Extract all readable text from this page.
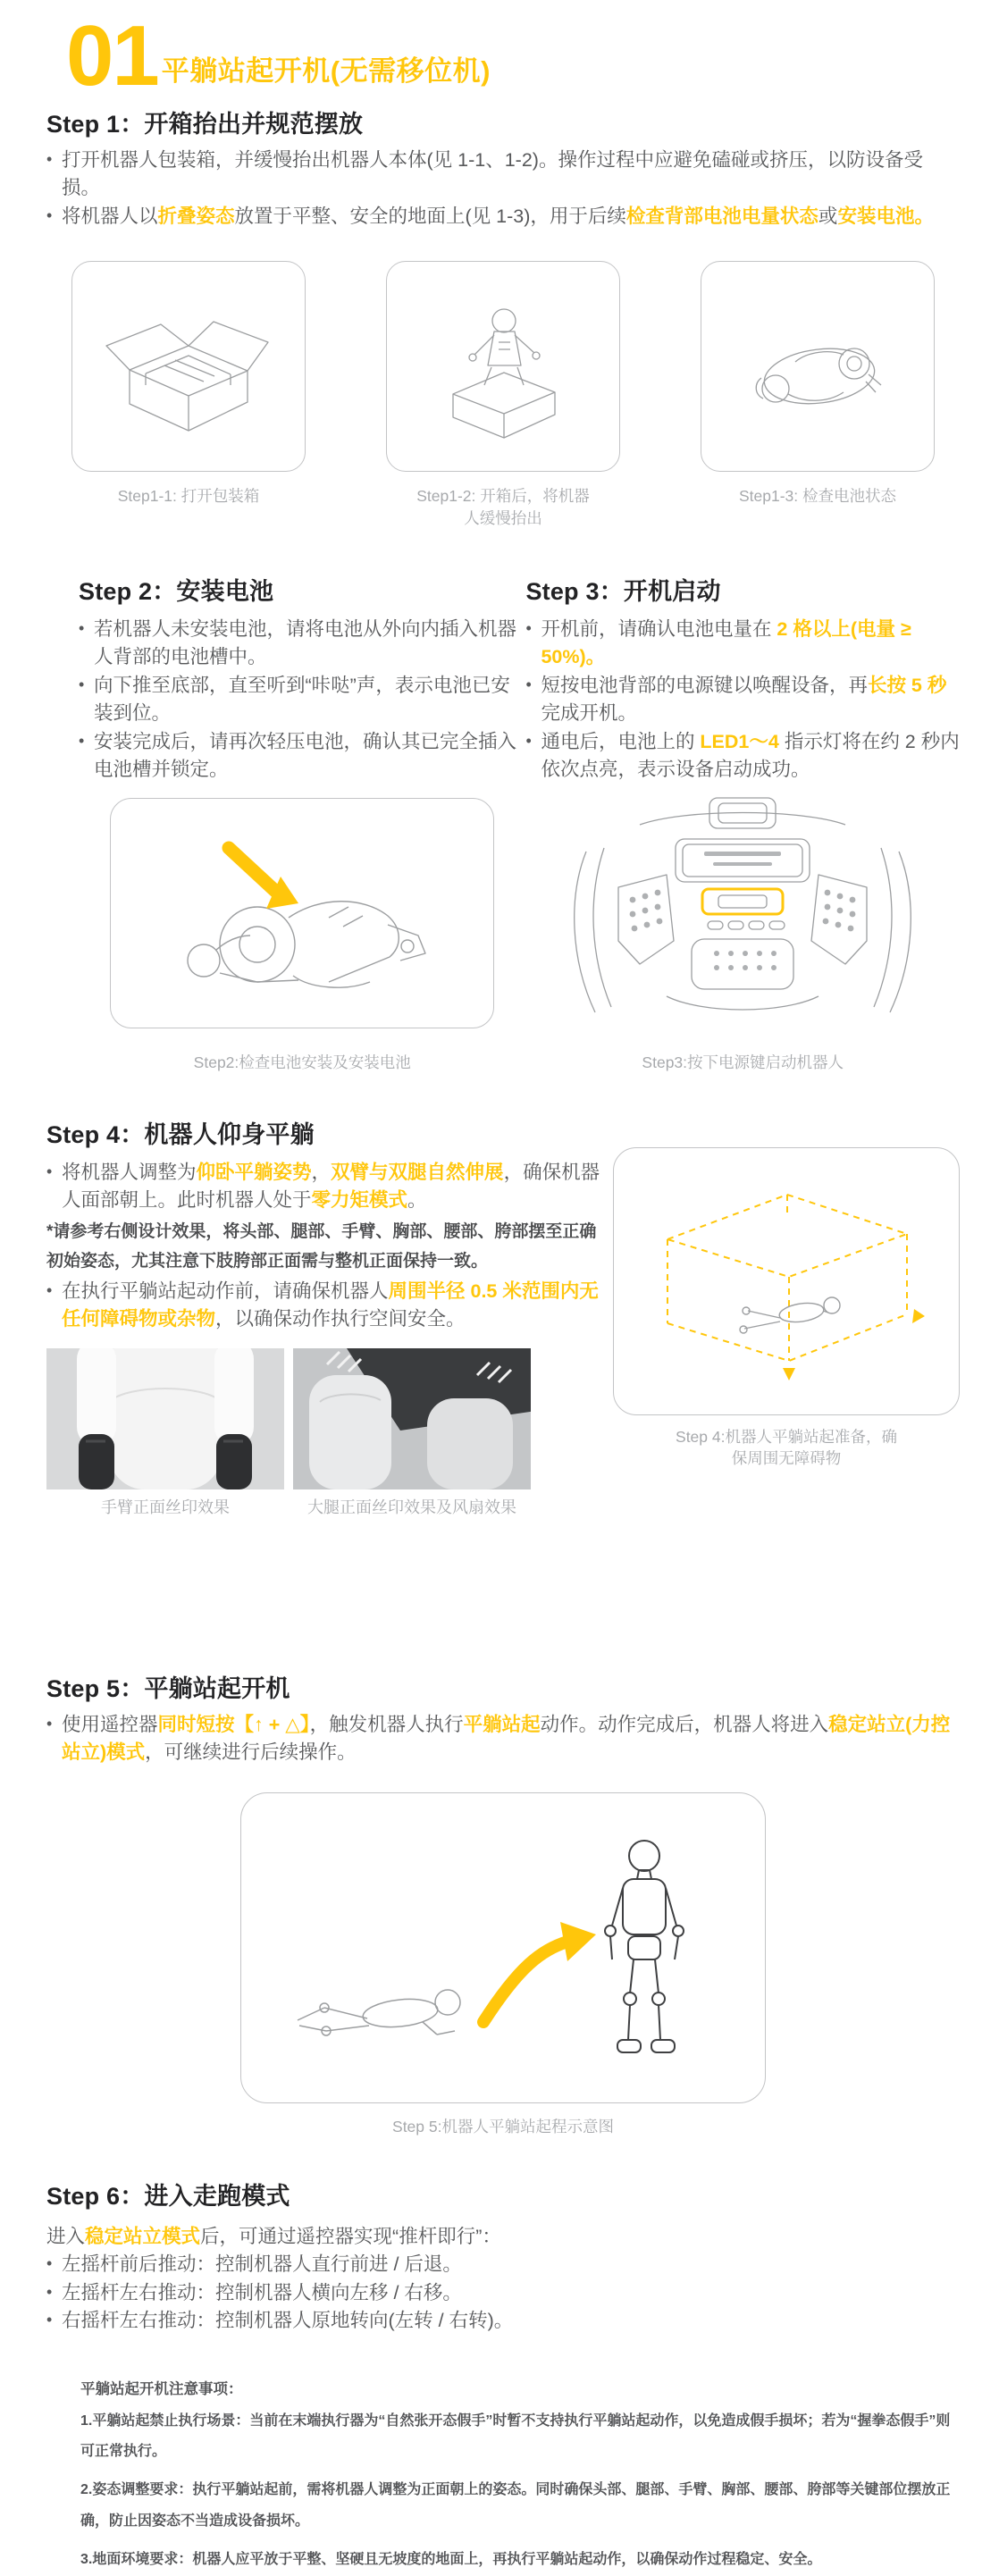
01 平躺站起开机(无需移位机)
Step 1：开箱抬出并规范摆放

• 打开机器人包装箱，并缓慢抬出机器人本体(见 1-1、1-2)。操作过程中应避免磕碰或挤压，以防设备受损。

• 将机器人以折叠姿态放置于平整、安全的地面上(见 1-3)，用于后续检查背部电池电量状态或安装电池。

Step1-1: 打开包装箱	Step1-2: 开箱后，将机器人缓慢抬出
Step1-3: 检查电池状态
Step 2：安装电池

• 若机器人未安装电池，请将电池从外向内插入机器人背部的电池槽中。

• 向下推至底部，直至听到“咔哒”声，表示电池已安装到位。

• 安装完成后，请再次轻压电池，确认其已完全插入电池槽并锁定。

Step2:检查电池安装及安装电池
Step 3：开机启动

• 开机前，请确认电池电量在 2 格以上(电量 ≥ 50%)。

• 短按电池背部的电源键以唤醒设备，再长按 5 秒完成开机。

• 通电后，电池上的 LED1～4 指示灯将在约 2 秒内依次点亮，表示设备启动成功。

Step3:按下电源键启动机器人
Step 4：机器人仰身平躺

• 将机器人调整为仰卧平躺姿势，双臂与双腿自然伸展，确保机器人面部朝上。此时机器人处于零力矩模式。

*请参考右侧设计效果，将头部、腿部、手臂、胸部、腰部、胯部摆至正确初始姿态，尤其注意下肢胯部正面需与整机正面保持一致。

• 在执行平躺站起动作前，请确保机器人周围半径 0.5 米范围内无任何障碍物或杂物，以确保动作执行空间安全。

手臂正面丝印效果	大腿正面丝印效果及风扇效果
Step 4:机器人平躺站起准备，确保周围无障碍物
Step 5：平躺站起开机

• 使用遥控器同时短按【↑ + △】，触发机器人执行平躺站起动作。动作完成后，机器人将进入稳定站立(力控站立)模式，可继续进行后续操作。

Step 5:机器人平躺站起程示意图
Step 6：进入走跑模式

进入稳定站立模式后，可通过遥控器实现“推杆即行”：

• 左摇杆前后推动：控制机器人直行前进 / 后退。

• 左摇杆左右推动：控制机器人横向左移 / 右移。

• 右摇杆左右推动：控制机器人原地转向(左转 / 右转)。

平躺站起开机注意事项：

1.平躺站起禁止执行场景：当前在末端执行器为“自然张开态假手”时暂不支持执行平躺站起动作，以免造成假手损坏；若为“握拳态假手”则可正常执行。

2.姿态调整要求：执行平躺站起前，需将机器人调整为正面朝上的姿态。同时确保头部、腿部、手臂、胸部、腰部、胯部等关键部位摆放正确，防止因姿态不当造成设备损坏。

3.地面环境要求：机器人应平放于平整、坚硬且无坡度的地面上，再执行平躺站起动作，以确保动作过程稳定、安全。
